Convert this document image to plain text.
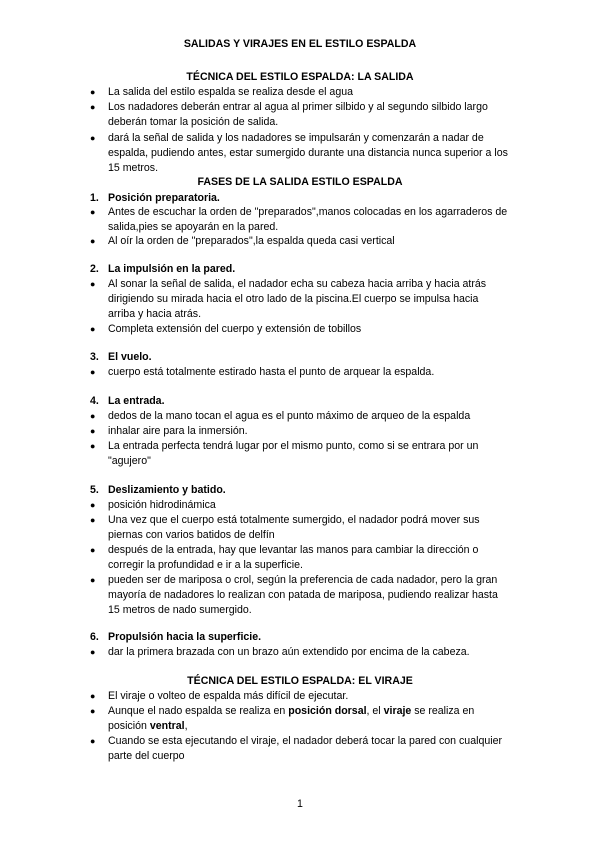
SALIDAS Y VIRAJES EN EL ESTILO ESPALDA
TÉCNICA DEL ESTILO ESPALDA: LA SALIDA
● La salida del estilo espalda se realiza desde el agua
● Los nadadores deberán entrar al agua al primer silbido y al segundo silbido largo
deberán tomar la posición de salida.
● dará la señal de salida y los nadadores se impulsarán y comenzarán a nadar de
espalda, pudiendo antes, estar sumergido durante una distancia nunca superior a los
15 metros.
FASES DE LA SALIDA ESTILO ESPALDA
1. Posición preparatoria.
● Antes de escuchar la orden de "preparados",manos colocadas en los agarraderos de
salida,pies se apoyarán en la pared.
● Al oír la orden de "preparados",la espalda queda casi vertical
2. La impulsión en la pared.
● Al sonar la señal de salida, el nadador echa su cabeza hacia arriba y hacia atrás
dirigiendo su mirada hacia el otro lado de la piscina.El cuerpo se impulsa hacia
arriba y hacia atrás.
● Completa extensión del cuerpo y extensión de tobillos
3. El vuelo.
● cuerpo está totalmente estirado hasta el punto de arquear la espalda.
4. La entrada.
● dedos de la mano tocan el agua es el punto máximo de arqueo de la espalda
● inhalar aire para la inmersión.
● La entrada perfecta tendrá lugar por el mismo punto, como si se entrara por un
"agujero"
5. Deslizamiento y batido.
● posición hidrodinámica
● Una vez que el cuerpo está totalmente sumergido, el nadador podrá mover sus
piernas con varios batidos de delfín
● después de la entrada, hay que levantar las manos para cambiar la dirección o
corregir la profundidad e ir a la superficie.
● pueden ser de mariposa o crol, según la preferencia de cada nadador, pero la gran
mayoría de nadadores lo realizan con patada de mariposa, pudiendo realizar hasta
15 metros de nado sumergido.
6. Propulsión hacia la superficie.
● dar la primera brazada con un brazo aún extendido por encima de la cabeza.
TÉCNICA DEL ESTILO ESPALDA: EL VIRAJE
● El viraje o volteo de espalda más difícil de ejecutar.
● Aunque el nado espalda se realiza en posición dorsal, el viraje se realiza en
posición ventral,
● Cuando se esta ejecutando el viraje, el nadador deberá tocar la pared con cualquier
parte del cuerpo
1
